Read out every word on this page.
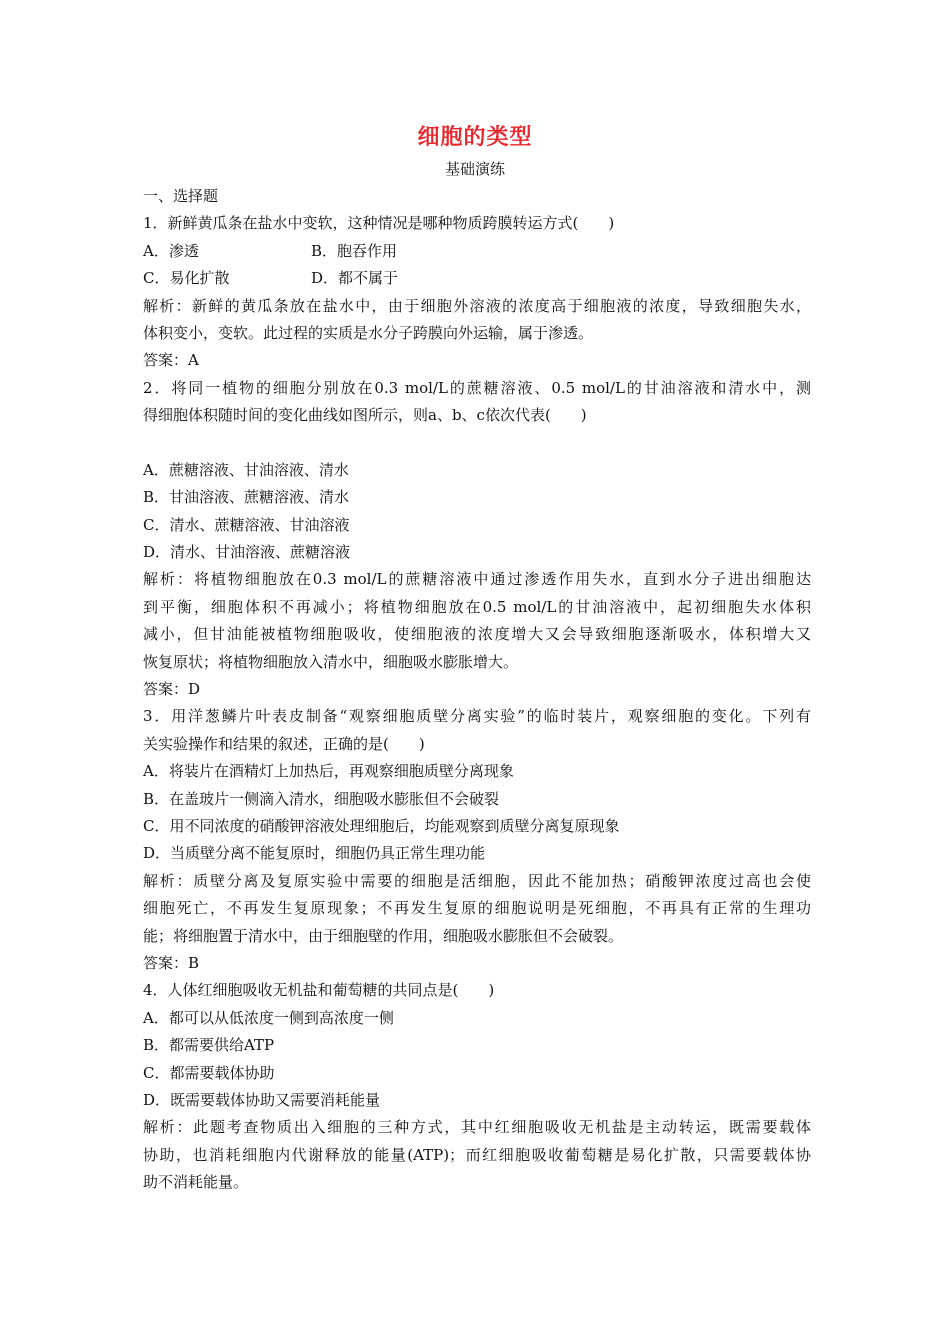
细胞的类型
基础演练
一、选择题
1．新鲜黄瓜条在盐水中变软，这种情况是哪种物质跨膜转运方式(　　)
A．渗透	B．胞吞作用
C．易化扩散	D．都不属于
解析：新鲜的黄瓜条放在盐水中，由于细胞外溶液的浓度高于细胞液的浓度，导致细胞失水，
体积变小，变软。此过程的实质是水分子跨膜向外运输，属于渗透。
答案：A
2．将同一植物的细胞分别放在0.3 mol/L的蔗糖溶液、0.5 mol/L的甘油溶液和清水中，测
得细胞体积随时间的变化曲线如图所示，则a、b、c依次代表(　　)
A．蔗糖溶液、甘油溶液、清水
B．甘油溶液、蔗糖溶液、清水
C．清水、蔗糖溶液、甘油溶液
D．清水、甘油溶液、蔗糖溶液
解析：将植物细胞放在0.3 mol/L的蔗糖溶液中通过渗透作用失水，直到水分子进出细胞达
到平衡，细胞体积不再减小；将植物细胞放在0.5 mol/L的甘油溶液中，起初细胞失水体积
减小，但甘油能被植物细胞吸收，使细胞液的浓度增大又会导致细胞逐渐吸水，体积增大又
恢复原状；将植物细胞放入清水中，细胞吸水膨胀增大。
答案：D
3．用洋葱鳞片叶表皮制备“观察细胞质壁分离实验”的临时装片，观察细胞的变化。下列有
关实验操作和结果的叙述，正确的是(　　)
A．将装片在酒精灯上加热后，再观察细胞质壁分离现象
B．在盖玻片一侧滴入清水，细胞吸水膨胀但不会破裂
C．用不同浓度的硝酸钾溶液处理细胞后，均能观察到质壁分离复原现象
D．当质壁分离不能复原时，细胞仍具正常生理功能
解析：质壁分离及复原实验中需要的细胞是活细胞，因此不能加热；硝酸钾浓度过高也会使
细胞死亡，不再发生复原现象；不再发生复原的细胞说明是死细胞，不再具有正常的生理功
能；将细胞置于清水中，由于细胞壁的作用，细胞吸水膨胀但不会破裂。
答案：B
4．人体红细胞吸收无机盐和葡萄糖的共同点是(　　)
A．都可以从低浓度一侧到高浓度一侧
B．都需要供给ATP
C．都需要载体协助
D．既需要载体协助又需要消耗能量
解析：此题考查物质出入细胞的三种方式，其中红细胞吸收无机盐是主动转运，既需要载体
协助，也消耗细胞内代谢释放的能量(ATP)；而红细胞吸收葡萄糖是易化扩散，只需要载体协
助不消耗能量。
